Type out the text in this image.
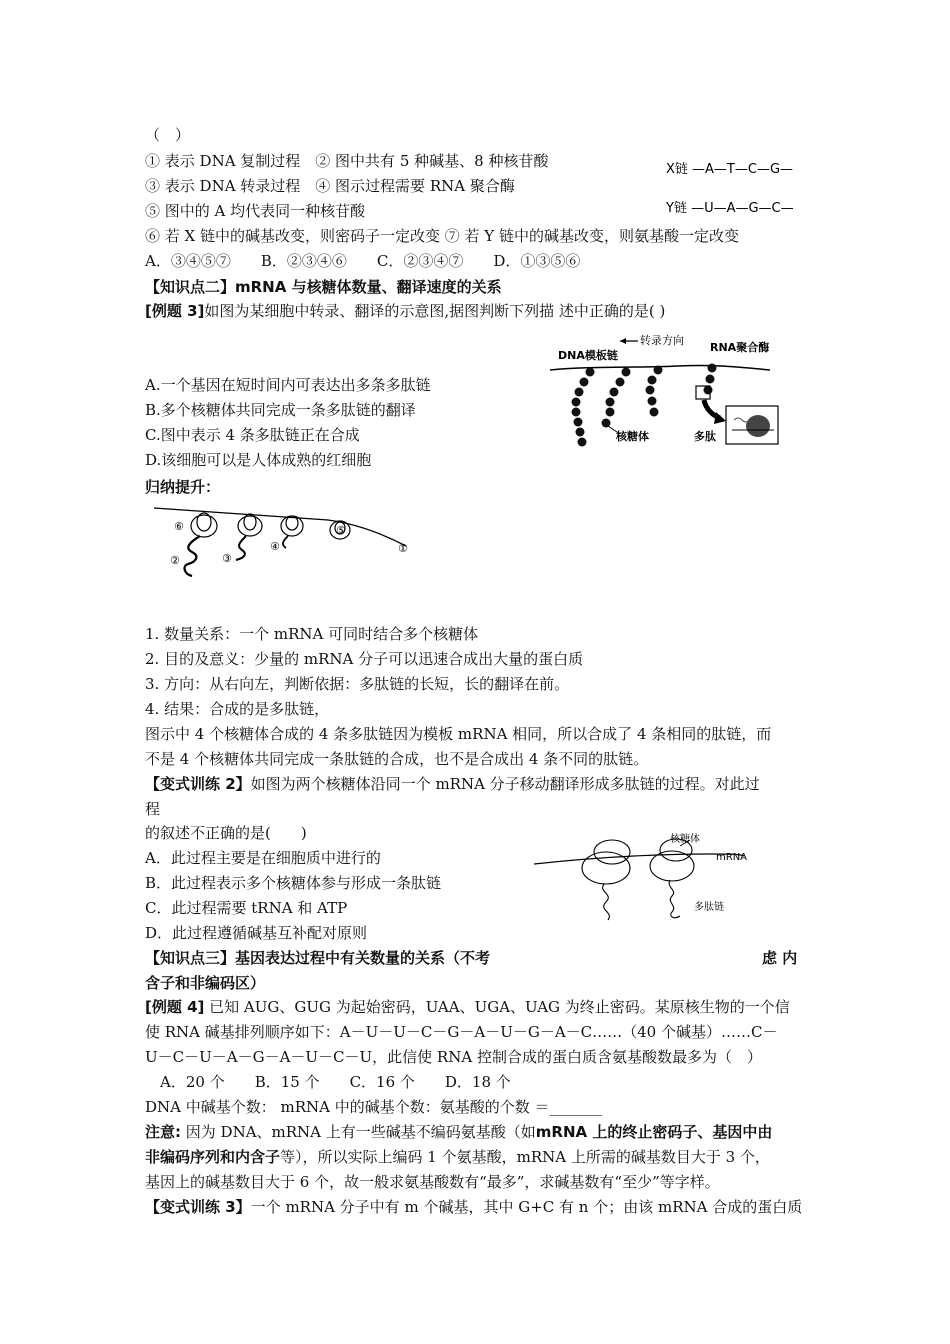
（　）
① 表示 DNA 复制过程　② 图中共有 5 种碱基、8 种核苷酸
③ 表示 DNA 转录过程　④ 图示过程需要 RNA 聚合酶
⑤ 图中的 A 均代表同一种核苷酸
⑥ 若 X 链中的碱基改变，则密码子一定改变 ⑦ 若 Y 链中的碱基改变，则氨基酸一定改变
A．③④⑤⑦　　B．②③④⑥　　C．②③④⑦　　D．①③⑤⑥
X链 —A—T—C—G—
Y链 —U—A—G—C—
【知识点二】mRNA 与核糖体数量、翻译速度的关系
[例题 3]如图为某细胞中转录、翻译的示意图,据图判断下列描 述中正确的是( )
A.一个基因在短时间内可表达出多条多肽链
B.多个核糖体共同完成一条多肽链的翻译
C.图中表示 4 条多肽链正在合成
D.该细胞可以是人体成熟的红细胞
转录方向
DNA模板链
RNA聚合酶
核糖体	多肽
归纳提升：
①
②	③
④
⑤
⑥
1. 数量关系：一个 mRNA 可同时结合多个核糖体
2. 目的及意义：少量的 mRNA 分子可以迅速合成出大量的蛋白质
3. 方向：从右向左，判断依据：多肽链的长短，长的翻译在前。
4. 结果：合成的是多肽链，
图示中 4 个核糖体合成的 4 条多肽链因为模板 mRNA 相同，所以合成了 4 条相同的肽链，而
不是 4 个核糖体共同完成一条肽链的合成，也不是合成出 4 条不同的肽链。
【变式训练 2】如图为两个核糖体沿同一个 mRNA 分子移动翻译形成多肽链的过程。对此过
程
的叙述不正确的是(　　)
A．此过程主要是在细胞质中进行的
B．此过程表示多个核糖体参与形成一条肽链
C．此过程需要 tRNA 和 ATP
D．此过程遵循碱基互补配对原则
核糖体
mRNA
多肽链
【知识点三】基因表达过程中有关数量的关系（不考	虑 内
含子和非编码区）
[例题 4] 已知 AUG、GUG 为起始密码，UAA、UGA、UAG 为终止密码。某原核生物的一个信
使 RNA 碱基排列顺序如下：A－U－U－C－G－A－U－G－A－C……（40 个碱基）……C－
U－C－U－A－G－A－U－C－U，此信使 RNA 控制合成的蛋白质含氨基酸数最多为（　）
　A．20 个　　B．15 个　　C．16 个　　D．18 个
DNA 中碱基个数： mRNA 中的碱基个数：氨基酸的个数 ＝_______
注意: 因为 DNA、mRNA 上有一些碱基不编码氨基酸（如mRNA 上的终止密码子、基因中由
非编码序列和内含子等），所以实际上编码 1 个氨基酸，mRNA 上所需的碱基数目大于 3 个，
基因上的碱基数目大于 6 个，故一般求氨基酸数有“最多”，求碱基数有“至少”等字样。
【变式训练 3】一个 mRNA 分子中有 m 个碱基，其中 G+C 有 n 个；由该 mRNA 合成的蛋白质
